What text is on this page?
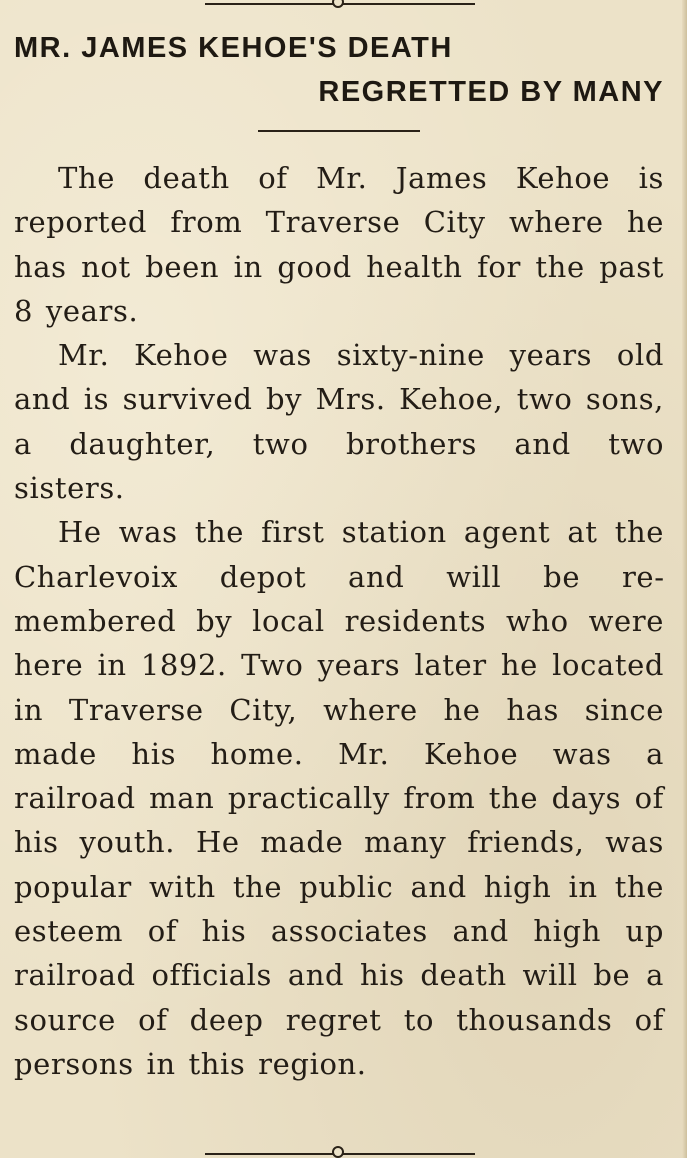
MR. JAMES KEHOE'S DEATH
REGRETTED BY MANY

The death of Mr. James Kehoe is reported from Traverse City where he has not been in good health for the past 8 years.

Mr. Kehoe was sixty-nine years old and is survived by Mrs. Kehoe, two sons, a daughter, two brothers and two sisters.

He was the first station agent at the Charlevoix depot and will be remembered by local residents who were here in 1892. Two years later he located in Traverse City, where he has since made his home. Mr. Kehoe was a railroad man practically from the days of his youth. He made many friends, was popular with the public and high in the esteem of his associates and high up railroad officials and his death will be a source of deep regret to thousands of persons in this region.
